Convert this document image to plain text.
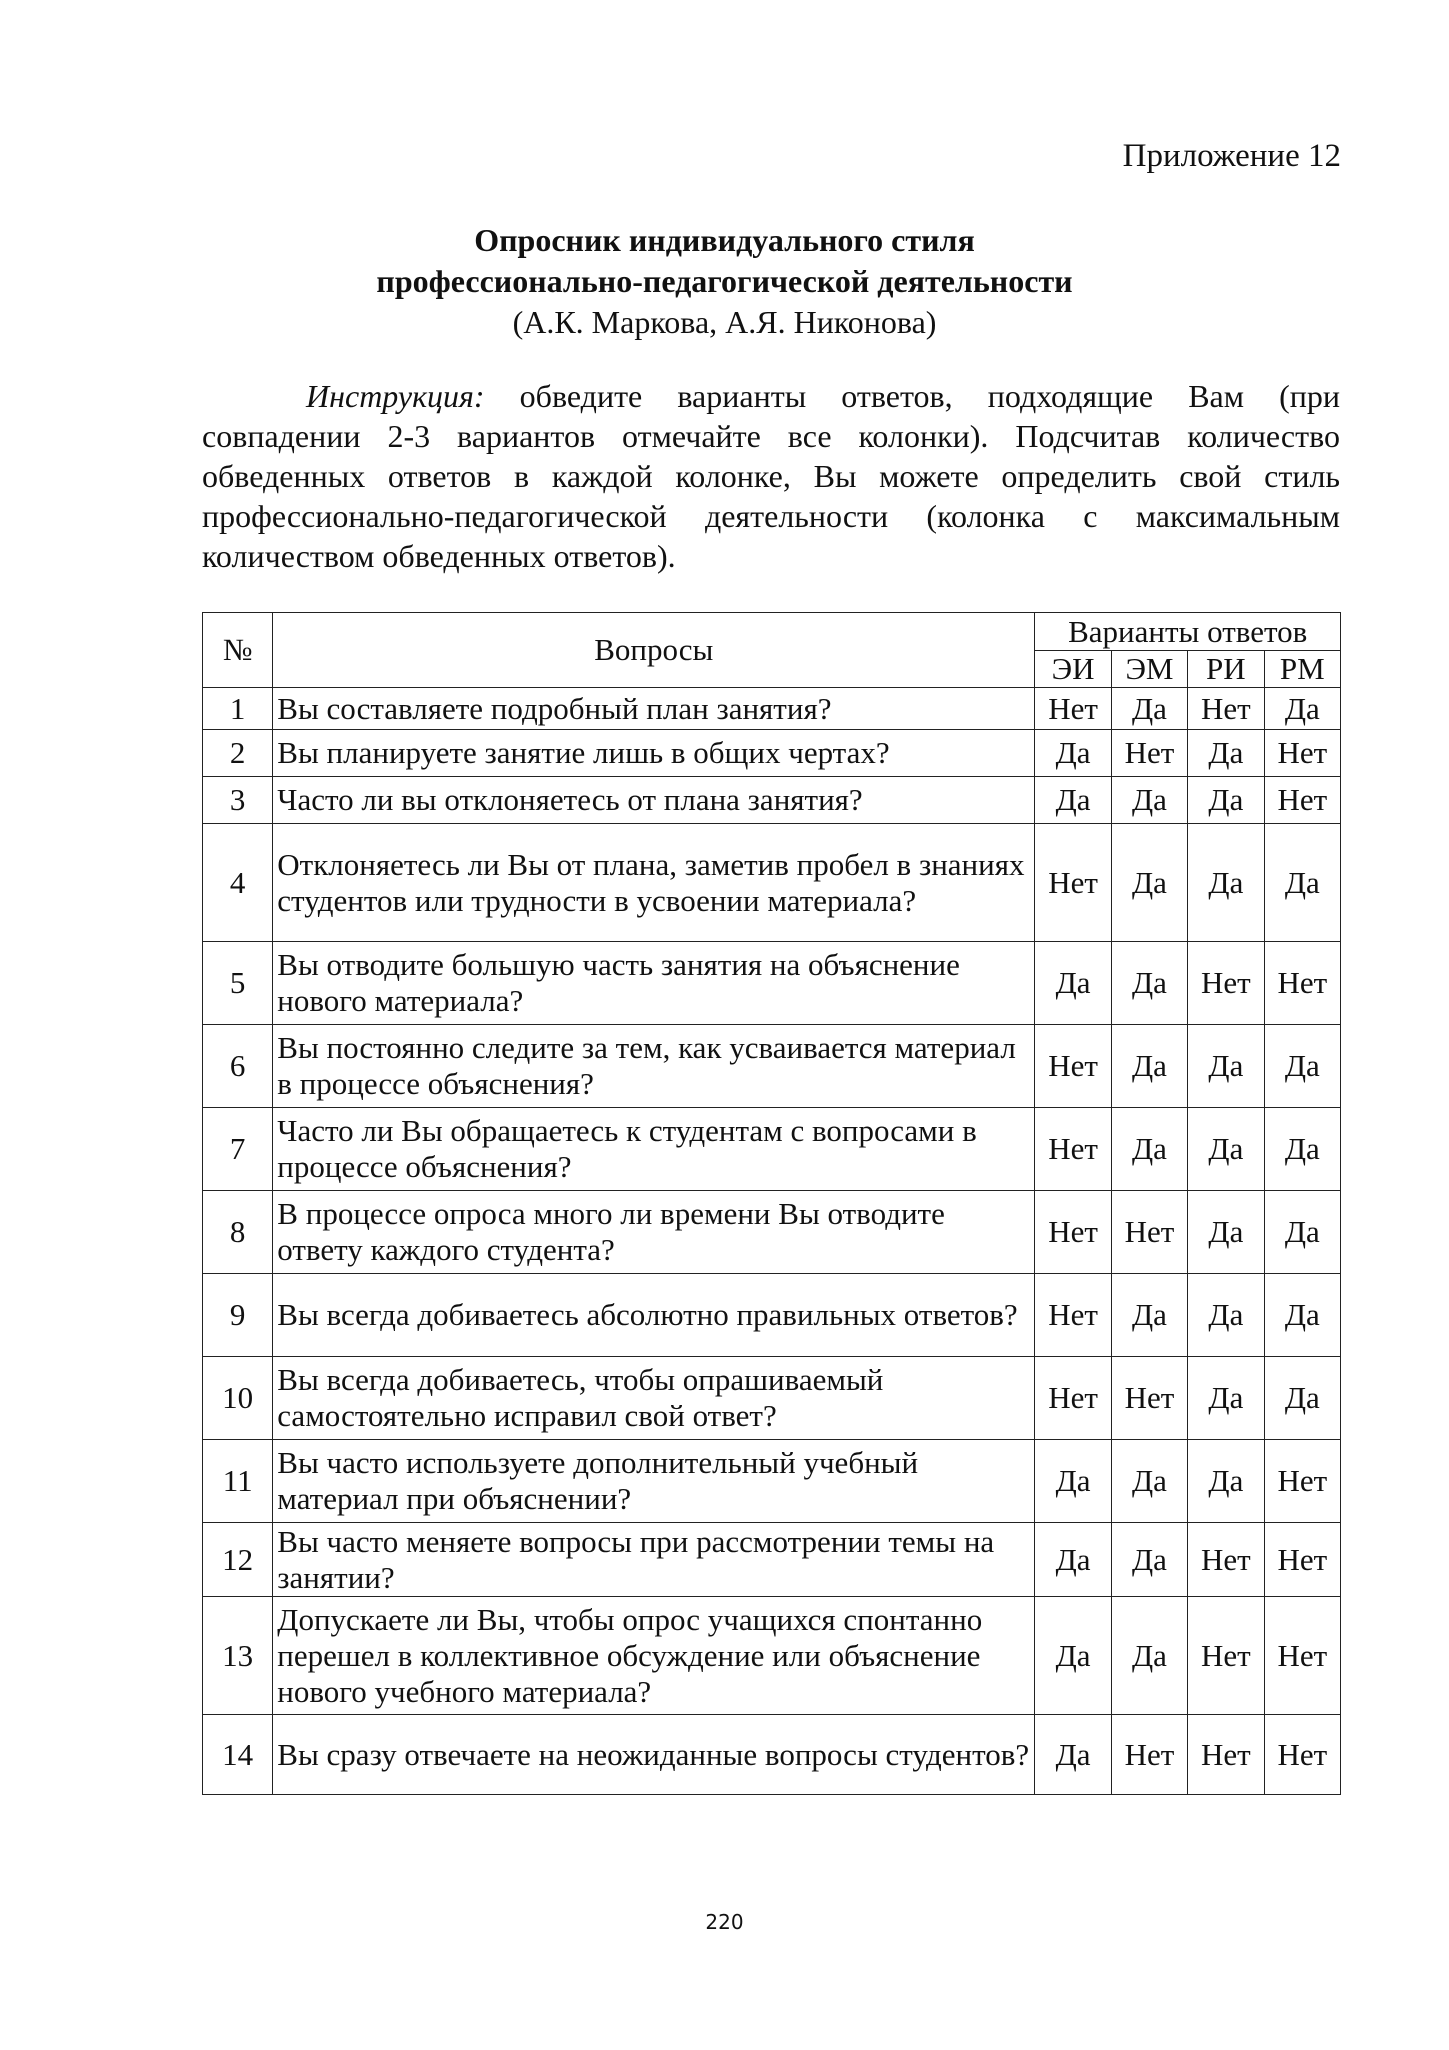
Приложение 12
Опросник индивидуального стиля
профессионально-педагогической деятельности
(А.К. Маркова, А.Я. Никонова)

Инструкция: обведите варианты ответов, подходящие Вам (при совпадении 2-3 вариантов отмечайте все колонки). Подсчитав количество обведенных ответов в каждой колонке, Вы можете определить свой стиль профессионально-педагогической деятельности (колонка с максимальным количеством обведенных ответов).

№	Вопросы	Варианты ответов			
		ЭИ	ЭМ	РИ	РМ
1	Вы составляете подробный план занятия?	Нет	Да	Нет	Да
2	Вы планируете занятие лишь в общих чертах?	Да	Нет	Да	Нет
3	Часто ли вы отклоняетесь от плана занятия?	Да	Да	Да	Нет
4	Отклоняетесь ли Вы от плана, заметив пробел в знаниях студентов или трудности в усвоении материала?	Нет	Да	Да	Да
5	Вы отводите большую часть занятия на объяснение нового материала?	Да	Да	Нет	Нет
6	Вы постоянно следите за тем, как усваивается материал в процессе объяснения?	Нет	Да	Да	Да
7	Часто ли Вы обращаетесь к студентам с вопросами в процессе объяснения?	Нет	Да	Да	Да
8	В процессе опроса много ли времени Вы отводите ответу каждого студента?	Нет	Нет	Да	Да
9	Вы всегда добиваетесь абсолютно правильных ответов?	Нет	Да	Да	Да
10	Вы всегда добиваетесь, чтобы опрашиваемый самостоятельно исправил свой ответ?	Нет	Нет	Да	Да
11	Вы часто используете дополнительный учебный материал при объяснении?	Да	Да	Да	Нет
12	Вы часто меняете вопросы при рассмотрении темы на занятии?	Да	Да	Нет	Нет
13	Допускаете ли Вы, чтобы опрос учащихся спонтанно перешел в коллективное обсуждение или объяснение нового учебного материала?	Да	Да	Нет	Нет
14	Вы сразу отвечаете на неожиданные вопросы студентов?	Да	Нет	Нет	Нет
220
